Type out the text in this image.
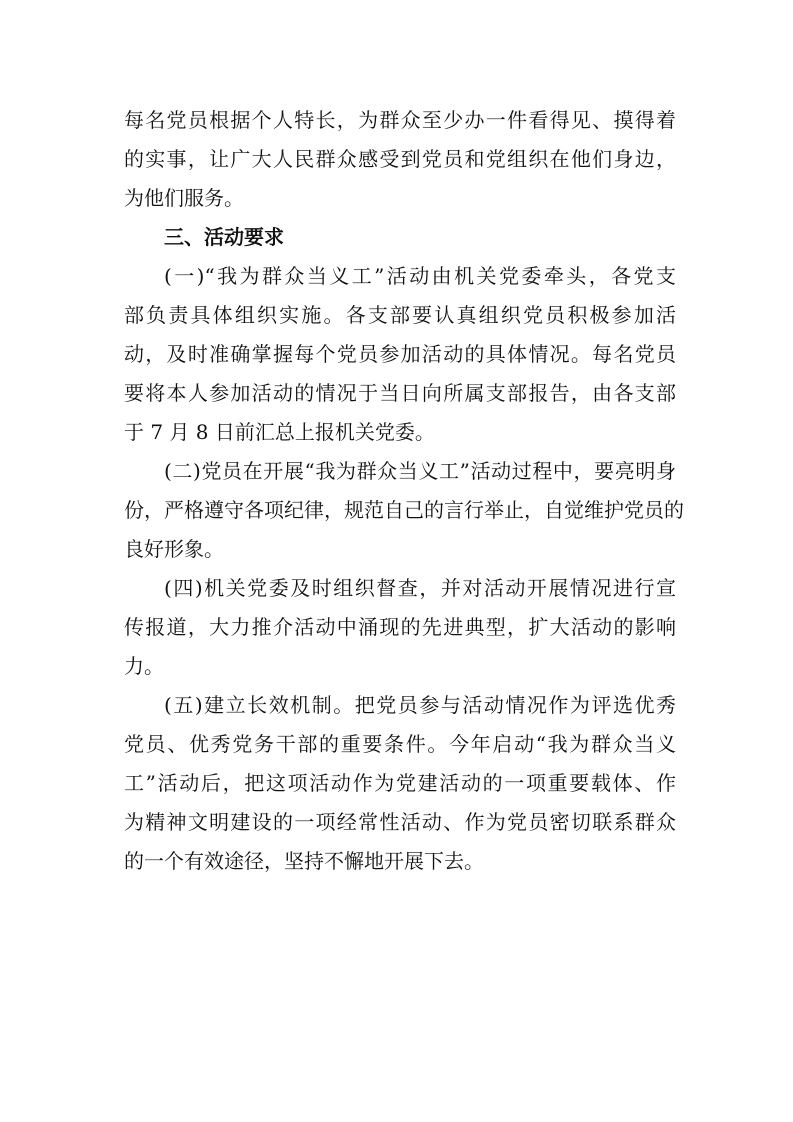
每名党员根据个人特长，为群众至少办一件看得见、摸得着
的实事，让广大人民群众感受到党员和党组织在他们身边，
为他们服务。
三、活动要求
(一)“我为群众当义工”活动由机关党委牵头，各党支
部负责具体组织实施。各支部要认真组织党员积极参加活
动，及时准确掌握每个党员参加活动的具体情况。每名党员
要将本人参加活动的情况于当日向所属支部报告，由各支部
于 7 月 8 日前汇总上报机关党委。
(二)党员在开展“我为群众当义工”活动过程中，要亮明身
份，严格遵守各项纪律，规范自己的言行举止，自觉维护党员的
良好形象。
(四)机关党委及时组织督查，并对活动开展情况进行宣
传报道，大力推介活动中涌现的先进典型，扩大活动的影响
力。
(五)建立长效机制。把党员参与活动情况作为评选优秀
党员、优秀党务干部的重要条件。今年启动“我为群众当义
工”活动后，把这项活动作为党建活动的一项重要载体、作
为精神文明建设的一项经常性活动、作为党员密切联系群众
的一个有效途径，坚持不懈地开展下去。
